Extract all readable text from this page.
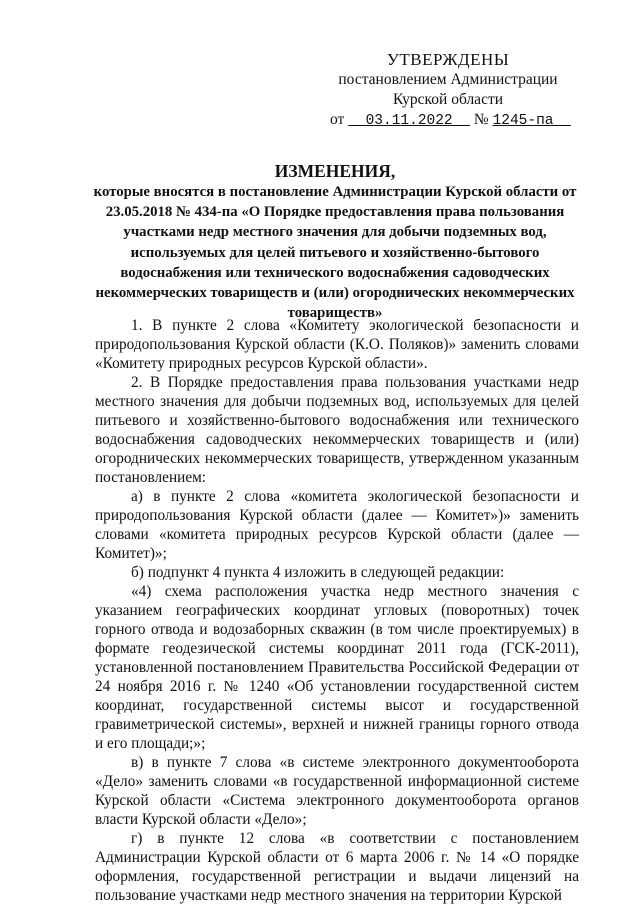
УТВЕРЖДЕНЫ
постановлением Администрации
Курской области
от 03.11.2022 № 1245-па
ИЗМЕНЕНИЯ,
которые вносятся в постановление Администрации Курской области от 23.05.2018 № 434-па «О Порядке предоставления права пользования участками недр местного значения для добычи подземных вод, используемых для целей питьевого и хозяйственно-бытового водоснабжения или технического водоснабжения садоводческих некоммерческих товариществ и (или) огороднических некоммерческих товариществ»

1. В пункте 2 слова «Комитету экологической безопасности и природопользования Курской области (К.О. Поляков)» заменить словами «Комитету природных ресурсов Курской области».

2. В Порядке предоставления права пользования участками недр местного значения для добычи подземных вод, используемых для целей питьевого и хозяйственно-бытового водоснабжения или технического водоснабжения садоводческих некоммерческих товариществ и (или) огороднических некоммерческих товариществ, утвержденном указанным постановлением:

а) в пункте 2 слова «комитета экологической безопасности и природопользования Курской области (далее — Комитет»)» заменить словами «комитета природных ресурсов Курской области (далее — Комитет)»;

б) подпункт 4 пункта 4 изложить в следующей редакции:

«4) схема расположения участка недр местного значения с указанием географических координат угловых (поворотных) точек горного отвода и водозаборных скважин (в том числе проектируемых) в формате геодезической системы координат 2011 года (ГСК-2011), установленной постановлением Правительства Российской Федерации от 24 ноября 2016 г. № 1240 «Об установлении государственной систем координат, государственной системы высот и государственной гравиметрической системы», верхней и нижней границы горного отвода и его площади;»;

в) в пункте 7 слова «в системе электронного документооборота «Дело» заменить словами «в государственной информационной системе Курской области «Система электронного документооборота органов власти Курской области «Дело»;

г) в пункте 12 слова «в соответствии с постановлением Администрации Курской области от 6 марта 2006 г. № 14 «О порядке оформления, государственной регистрации и выдачи лицензий на пользование участками недр местного значения на территории Курской
